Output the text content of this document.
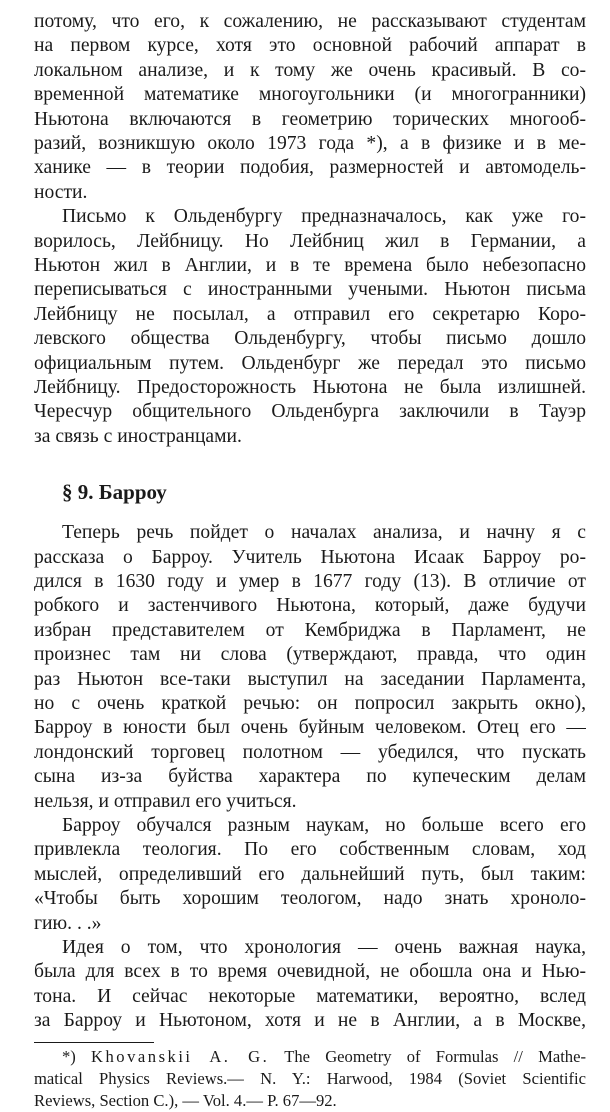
§ 9. Барроу
*) Khovanskii A. G. The Geometry of Formulas // Mathe-
matical Physics Reviews.— N. Y.: Harwood, 1984 (Soviet Scientific
Reviews, Section C.), — Vol. 4.— P. 67—92.
потому, что его, к сожалению, не рассказывают студентам
на первом курсе, хотя это основной рабочий аппарат в
локальном анализе, и к тому же очень красивый. В со-
временной математике многоугольники (и многогранники)
Ньютона включаются в геометрию торических многооб-
разий, возникшую около 1973 года *), а в физике и в ме-
ханике — в теории подобия, размерностей и автомодель-
ности.
Письмо к Ольденбургу предназначалось, как уже го-
ворилось, Лейбницу. Но Лейбниц жил в Германии, а
Ньютон жил в Англии, и в те времена было небезопасно
переписываться с иностранными учеными. Ньютон письма
Лейбницу не посылал, а отправил его секретарю Коро-
левского общества Ольденбургу, чтобы письмо дошло
официальным путем. Ольденбург же передал это письмо
Лейбницу. Предосторожность Ньютона не была излишней.
Чересчур общительного Ольденбурга заключили в Тауэр
за связь с иностранцами.
Теперь речь пойдет о началах анализа, и начну я с
рассказа о Барроу. Учитель Ньютона Исаак Барроу ро-
дился в 1630 году и умер в 1677 году (13). В отличие от
робкого и застенчивого Ньютона, который, даже будучи
избран представителем от Кембриджа в Парламент, не
произнес там ни слова (утверждают, правда, что один
раз Ньютон все-таки выступил на заседании Парламента,
но с очень краткой речью: он попросил закрыть окно),
Барроу в юности был очень буйным человеком. Отец его —
лондонский торговец полотном — убедился, что пускать
сына из-за буйства характера по купеческим делам
нельзя, и отправил его учиться.
Барроу обучался разным наукам, но больше всего его
привлекла теология. По его собственным словам, ход
мыслей, определивший его дальнейший путь, был таким:
«Чтобы быть хорошим теологом, надо знать хроноло-
гию. . .»
Идея о том, что хронология — очень важная наука,
была для всех в то время очевидной, не обошла она и Нью-
тона. И сейчас некоторые математики, вероятно, вслед
за Барроу и Ньютоном, хотя и не в Англии, а в Москве,
